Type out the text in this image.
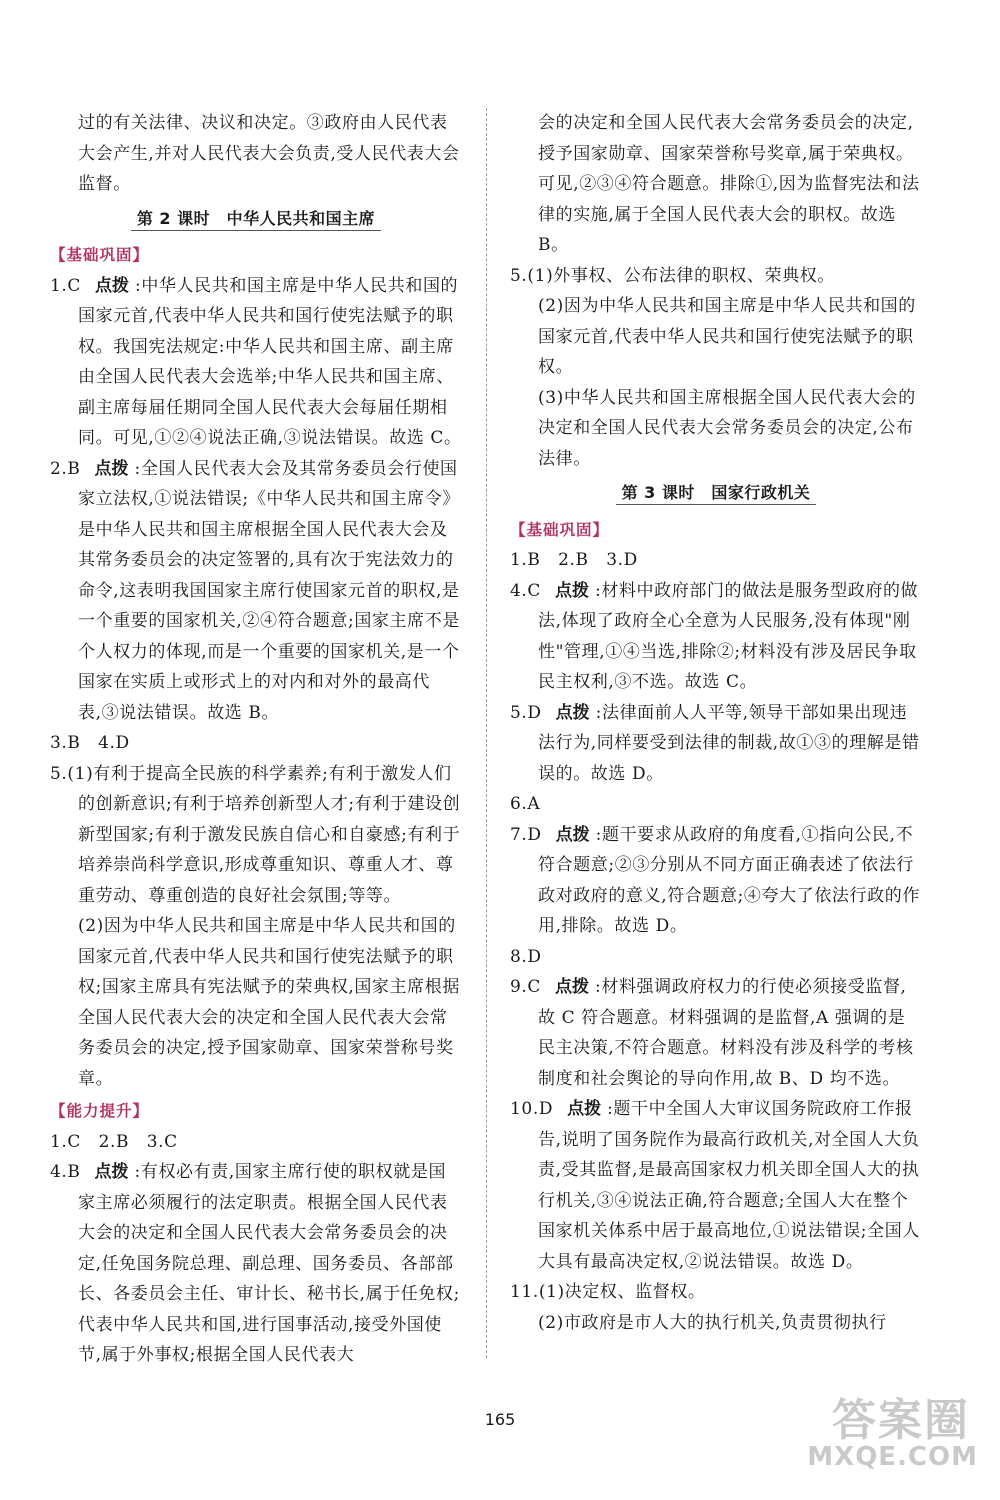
过的有关法律、决议和决定。③政府由人民代表大会产生,并对人民代表大会负责,受人民代表大会监督。

第 2 课时　中华人民共和国主席

【基础巩固】

1.C 点拨 :中华人民共和国主席是中华人民共和国的国家元首,代表中华人民共和国行使宪法赋予的职权。我国宪法规定:中华人民共和国主席、副主席由全国人民代表大会选举;中华人民共和国主席、副主席每届任期同全国人民代表大会每届任期相同。可见,①②④说法正确,③说法错误。故选 C。

2.B 点拨 :全国人民代表大会及其常务委员会行使国家立法权,①说法错误;《中华人民共和国主席令》是中华人民共和国主席根据全国人民代表大会及其常务委员会的决定签署的,具有次于宪法效力的命令,这表明我国国家主席行使国家元首的职权,是一个重要的国家机关,②④符合题意;国家主席不是个人权力的体现,而是一个重要的国家机关,是一个国家在实质上或形式上的对内和对外的最高代表,③说法错误。故选 B。

3.B　4.D

5.(1)有利于提高全民族的科学素养;有利于激发人们的创新意识;有利于培养创新型人才;有利于建设创新型国家;有利于激发民族自信心和自豪感;有利于培养崇尚科学意识,形成尊重知识、尊重人才、尊重劳动、尊重创造的良好社会氛围;等等。

(2)因为中华人民共和国主席是中华人民共和国的国家元首,代表中华人民共和国行使宪法赋予的职权;国家主席具有宪法赋予的荣典权,国家主席根据全国人民代表大会的决定和全国人民代表大会常务委员会的决定,授予国家勋章、国家荣誉称号奖章。

【能力提升】

1.C　2.B　3.C

4.B 点拨 :有权必有责,国家主席行使的职权就是国家主席必须履行的法定职责。根据全国人民代表大会的决定和全国人民代表大会常务委员会的决定,任免国务院总理、副总理、国务委员、各部部长、各委员会主任、审计长、秘书长,属于任免权;代表中华人民共和国,进行国事活动,接受外国使节,属于外事权;根据全国人民代表大

会的决定和全国人民代表大会常务委员会的决定,授予国家勋章、国家荣誉称号奖章,属于荣典权。可见,②③④符合题意。排除①,因为监督宪法和法律的实施,属于全国人民代表大会的职权。故选 B。

5.(1)外事权、公布法律的职权、荣典权。

(2)因为中华人民共和国主席是中华人民共和国的国家元首,代表中华人民共和国行使宪法赋予的职权。

(3)中华人民共和国主席根据全国人民代表大会的决定和全国人民代表大会常务委员会的决定,公布法律。

第 3 课时　国家行政机关

【基础巩固】

1.B　2.B　3.D

4.C 点拨 :材料中政府部门的做法是服务型政府的做法,体现了政府全心全意为人民服务,没有体现"刚性"管理,①④当选,排除②;材料没有涉及居民争取民主权利,③不选。故选 C。

5.D 点拨 :法律面前人人平等,领导干部如果出现违法行为,同样要受到法律的制裁,故①③的理解是错误的。故选 D。

6.A

7.D 点拨 :题干要求从政府的角度看,①指向公民,不符合题意;②③分别从不同方面正确表述了依法行政对政府的意义,符合题意;④夸大了依法行政的作用,排除。故选 D。

8.D

9.C 点拨 :材料强调政府权力的行使必须接受监督,故 C 符合题意。材料强调的是监督,A 强调的是民主决策,不符合题意。材料没有涉及科学的考核制度和社会舆论的导向作用,故 B、D 均不选。

10.D 点拨 :题干中全国人大审议国务院政府工作报告,说明了国务院作为最高行政机关,对全国人大负责,受其监督,是最高国家权力机关即全国人大的执行机关,③④说法正确,符合题意;全国人大在整个国家机关体系中居于最高地位,①说法错误;全国人大具有最高决定权,②说法错误。故选 D。

11.(1)决定权、监督权。

(2)市政府是市人大的执行机关,负责贯彻执行

165	答案圈
MXQE.COM
